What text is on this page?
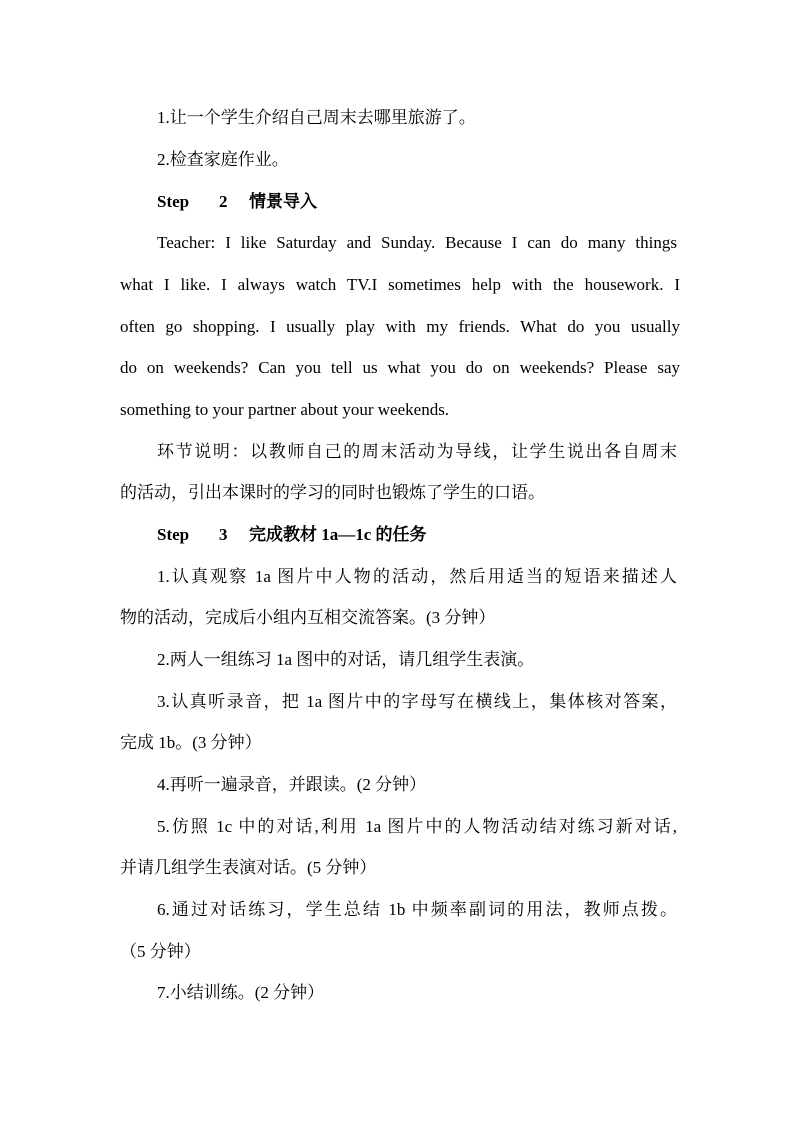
1.让一个学生介绍自己周末去哪里旅游了。𦿚
2.检查家庭作业。𦿚
Step 2 情景导入𦿚
Teacher: I like Saturday and Sunday. Because I can do many things
what I like. I always watch TV.I sometimes help with the housework. I
often go shopping. I usually play with my friends. What do you usually
do on weekends? Can you tell us what you do on weekends? Please say
something to your partner about your weekends.𦿚
环节说明：以教师自己的周末活动为导线，让学生说出各自周末
的活动，引出本课时的学习的同时也锻炼了学生的口语。𦿚
Step 3 完成教材 1a—1c 的任务𦿚
1.认真观察 1a 图片中人物的活动，然后用适当的短语来描述人
物的活动，完成后小组内互相交流答案。(3 分钟）𦿚
2.两人一组练习 1a 图中的对话，请几组学生表演。𦿚
3.认真听录音，把 1a 图片中的字母写在横线上，集体核对答案，
完成 1b。(3 分钟）𦿚
4.再听一遍录音，并跟读。(2 分钟）𦿚
5.仿照 1c 中的对话,利用 1a 图片中的人物活动结对练习新对话,
并请几组学生表演对话。(5 分钟）𦿚
6.通过对话练习，学生总结 1b 中频率副词的用法，教师点拨。
（5 分钟）𦿚
7.小结训练。(2 分钟）𦻏
